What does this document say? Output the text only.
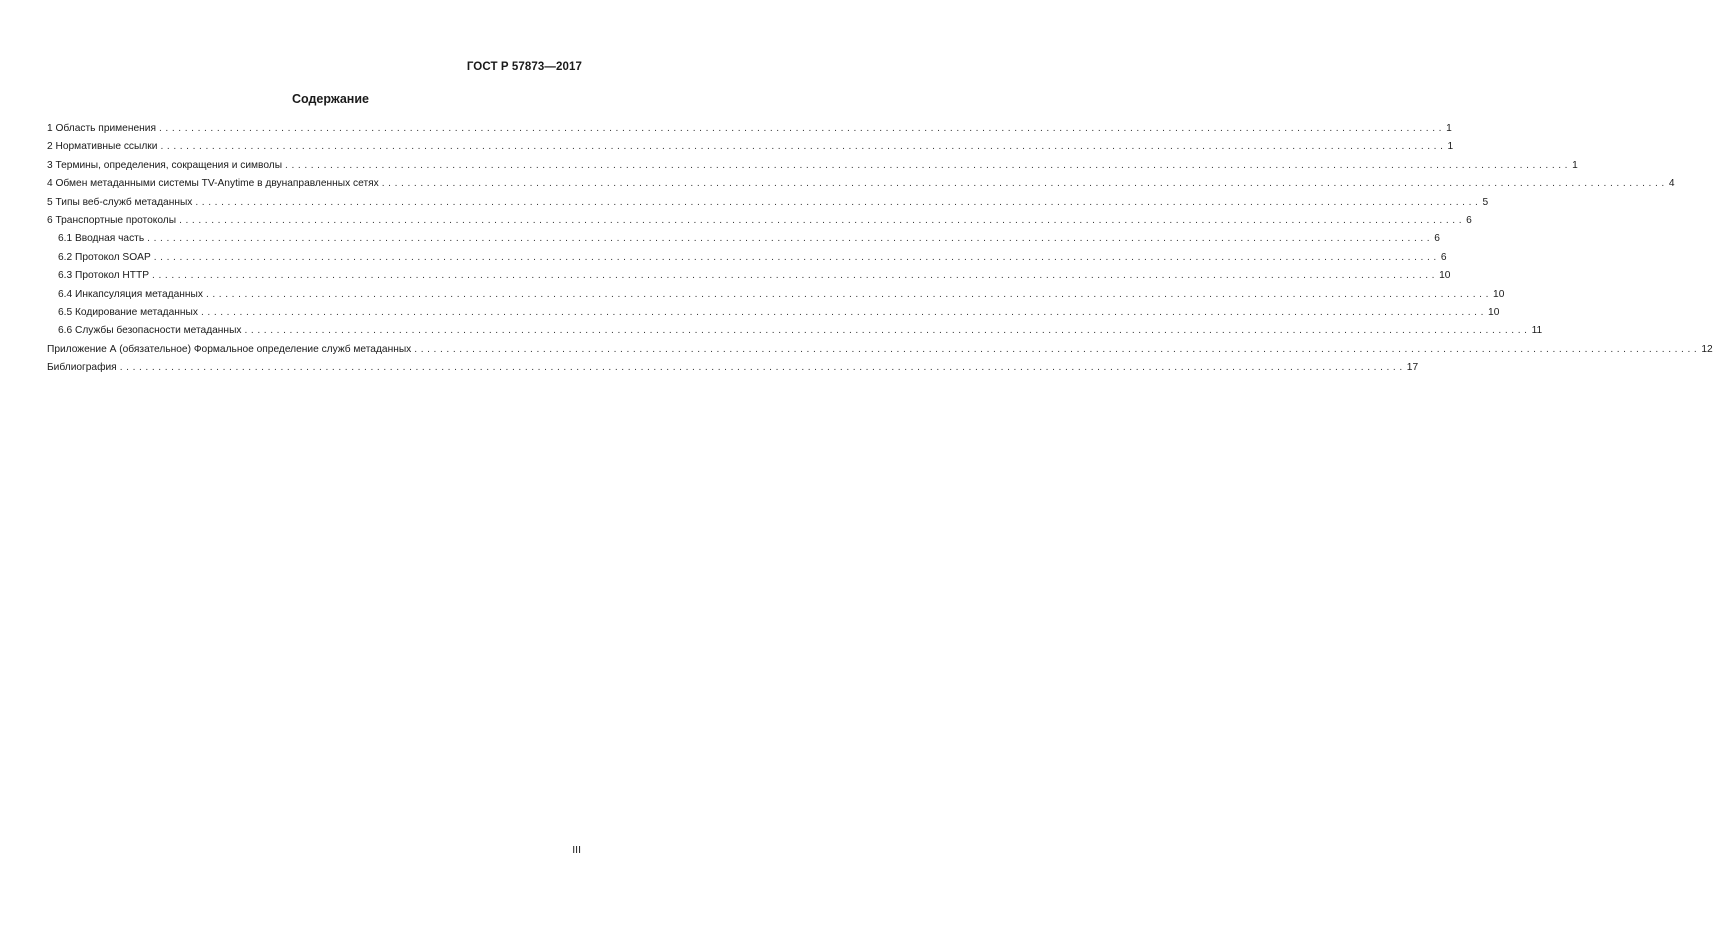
ГОСТ Р 57873—2017
Содержание
1 Область применения ........................................................................................................................................................................................................ 1
2 Нормативные ссылки ........................................................................................................................................................................................................ 1
3 Термины, определения, сокращения и символы ........................................................................................................................................................................................................ 1
4 Обмен метаданными системы TV-Anytime в двунаправленных сетях ........................................................................................................................................................................................................ 4
5 Типы веб-служб метаданных ........................................................................................................................................................................................................ 5
6 Транспортные протоколы ........................................................................................................................................................................................................ 6
6.1 Вводная часть ........................................................................................................................................................................................................ 6
6.2 Протокол SOAP ........................................................................................................................................................................................................ 6
6.3 Протокол HTTP ........................................................................................................................................................................................................ 10
6.4 Инкапсуляция метаданных ........................................................................................................................................................................................................ 10
6.5 Кодирование метаданных ........................................................................................................................................................................................................ 10
6.6 Службы безопасности метаданных ........................................................................................................................................................................................................ 11
Приложение А (обязательное) Формальное определение служб метаданных ........................................................................................................................................................................................................ 12
Библиография ........................................................................................................................................................................................................ 17
III
